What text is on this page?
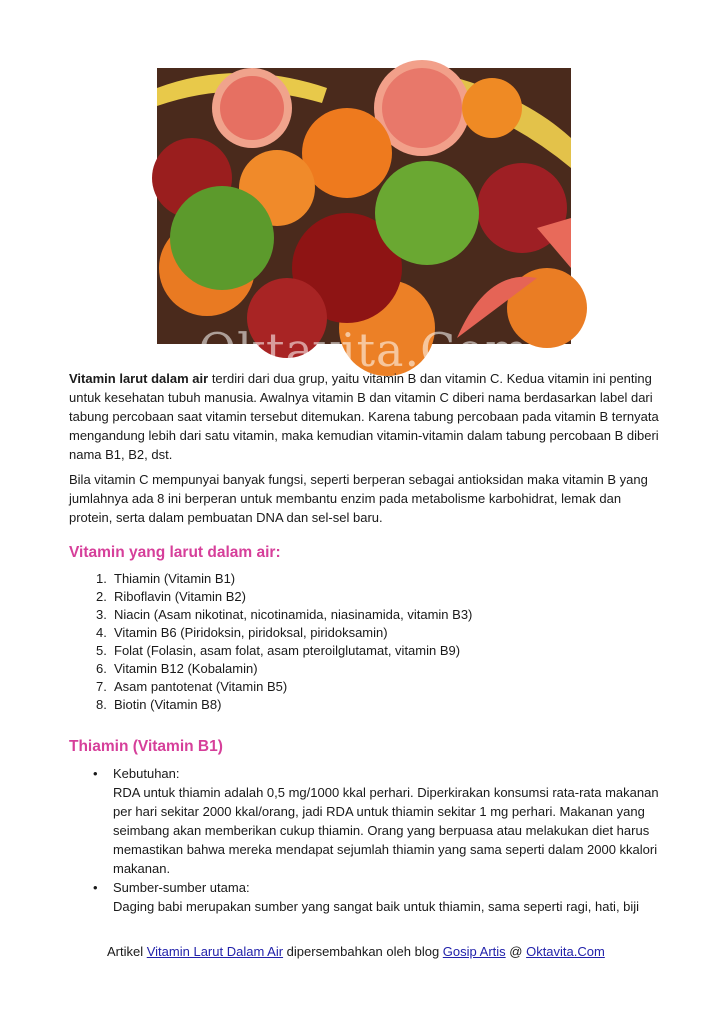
Oktavita.Com

Vitamin larut dalam air terdiri dari dua grup, yaitu vitamin B dan vitamin C. Kedua vitamin ini penting untuk kesehatan tubuh manusia. Awalnya vitamin B dan vitamin C diberi nama berdasarkan label dari tabung percobaan saat vitamin tersebut ditemukan. Karena tabung percobaan pada vitamin B ternyata mengandung lebih dari satu vitamin, maka kemudian vitamin-vitamin dalam tabung percobaan B diberi nama B1, B2, dst.

Bila vitamin C mempunyai banyak fungsi, seperti berperan sebagai antioksidan maka vitamin B yang jumlahnya ada 8 ini berperan untuk membantu enzim pada metabolisme karbohidrat, lemak dan protein, serta dalam pembuatan DNA dan sel-sel baru.

Vitamin yang larut dalam air:
1. Thiamin (Vitamin B1)
2. Riboflavin (Vitamin B2)
3. Niacin (Asam nikotinat, nicotinamida, niasinamida, vitamin B3)
4. Vitamin B6 (Piridoksin, piridoksal, piridoksamin)
5. Folat (Folasin, asam folat, asam pteroilglutamat, vitamin B9)
6. Vitamin B12 (Kobalamin)
7. Asam pantotenat (Vitamin B5)
8. Biotin (Vitamin B8)
Thiamin (Vitamin B1)
• Kebutuhan:
RDA untuk thiamin adalah 0,5 mg/1000 kkal perhari. Diperkirakan konsumsi rata-rata makanan per hari sekitar 2000 kkal/orang, jadi RDA untuk thiamin sekitar 1 mg perhari. Makanan yang seimbang akan memberikan cukup thiamin. Orang yang berpuasa atau melakukan diet harus memastikan bahwa mereka mendapat sejumlah thiamin yang sama seperti dalam 2000 kkalori makanan.
• Sumber-sumber utama:
Daging babi merupakan sumber yang sangat baik untuk thiamin, sama seperti ragi, hati, biji
Artikel Vitamin Larut Dalam Air dipersembahkan oleh blog Gosip Artis @ Oktavita.Com
